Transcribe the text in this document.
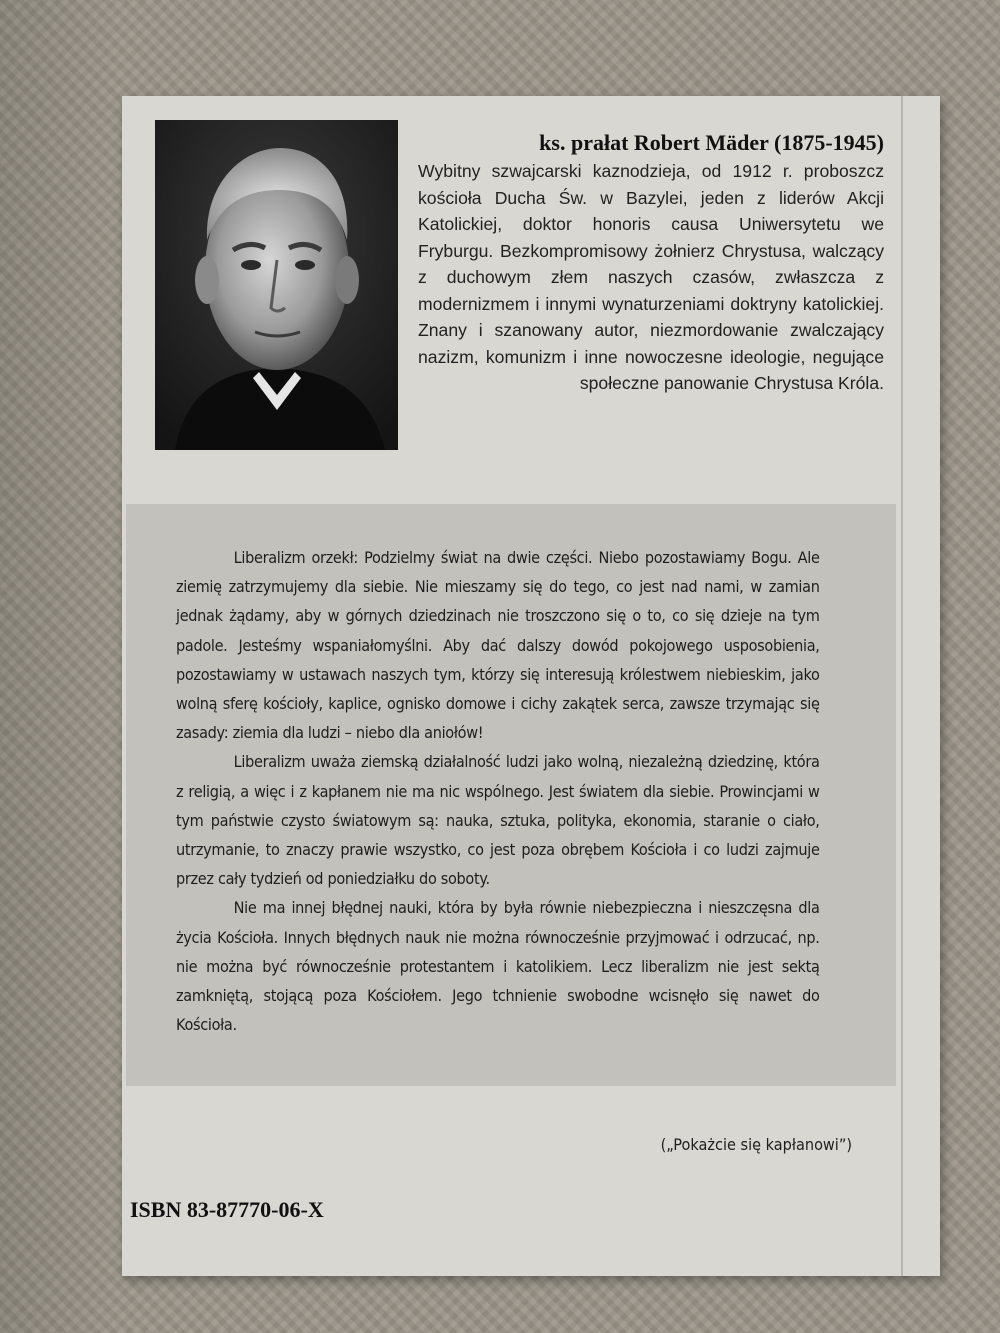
ks. prałat Robert Mäder (1875-1945)
Wybitny szwajcarski kaznodzieja, od 1912 r. proboszcz kościoła Ducha Św. w Bazylei, jeden z liderów Akcji Katolickiej, doktor honoris causa Uniwersytetu we Fryburgu. Bezkompromisowy żołnierz Chrystusa, walczący z duchowym złem naszych czasów, zwłaszcza z modernizmem i innymi wynaturzeniami doktryny katolickiej. Znany i szanowany autor, niezmordowanie zwalczający nazizm, komunizm i inne nowoczesne ideologie, negujące społeczne panowanie Chrystusa Króla.

Liberalizm orzekł: Podzielmy świat na dwie części. Niebo pozostawiamy Bogu. Ale ziemię zatrzymujemy dla siebie. Nie mieszamy się do tego, co jest nad nami, w zamian jednak żądamy, aby w górnych dziedzinach nie troszczono się o to, co się dzieje na tym padole. Jesteśmy wspaniałomyślni. Aby dać dalszy dowód pokojowego usposobienia, pozostawiamy w ustawach naszych tym, którzy się interesują królestwem niebieskim, jako wolną sferę kościoły, kaplice, ognisko domowe i cichy zakątek serca, zawsze trzymając się zasady: ziemia dla ludzi – niebo dla aniołów!

Liberalizm uważa ziemską działalność ludzi jako wolną, niezależną dziedzinę, która z religią, a więc i z kapłanem nie ma nic wspólnego. Jest światem dla siebie. Prowincjami w tym państwie czysto światowym są: nauka, sztuka, polityka, ekonomia, staranie o ciało, utrzymanie, to znaczy prawie wszystko, co jest poza obrębem Kościoła i co ludzi zajmuje przez cały tydzień od poniedziałku do soboty.

Nie ma innej błędnej nauki, która by była równie niebezpieczna i nieszczęsna dla życia Kościoła. Innych błędnych nauk nie można równocześnie przyjmować i odrzucać, np. nie można być równocześnie protestantem i katolikiem. Lecz liberalizm nie jest sektą zamkniętą, stojącą poza Kościołem. Jego tchnienie swobodne wcisnęło się nawet do Kościoła.

(„Pokażcie się kapłanowi”)
ISBN 83-87770-06-X
